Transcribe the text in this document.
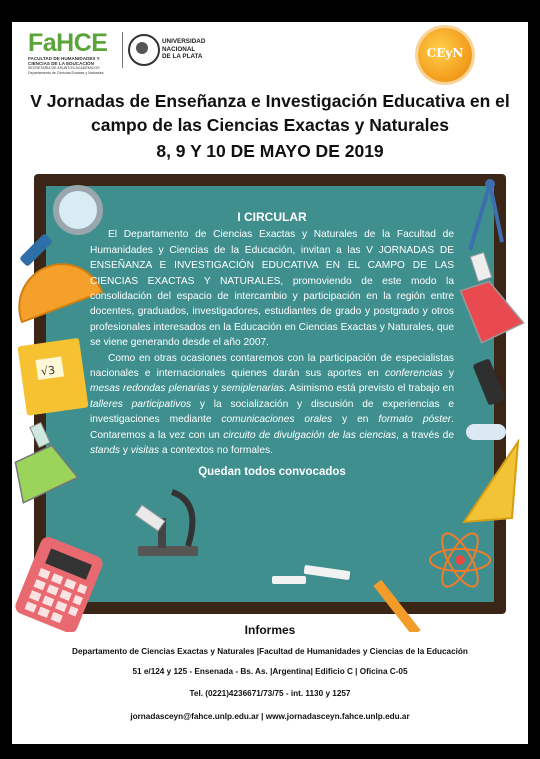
FaHCE
FACULTAD DE HUMANIDADES Y
CIENCIAS DE LA EDUCACIÓN
SECRETARÍA DE ASUNTOS ACADÉMICOS
Departamento de Ciencias Exactas y Naturales
UNIVERSIDAD
NACIONAL
DE LA PLATA	CEyN
V Jornadas de Enseñanza e Investigación Educativa en el
campo de las Ciencias Exactas y Naturales
8, 9 Y 10 DE MAYO DE 2019
√3
I CIRCULAR

El Departamento de Ciencias Exactas y Naturales de la Facultad de Humanidades y Ciencias de la Educación, invitan a las V JORNADAS DE ENSEÑANZA E INVESTIGACIÓN EDUCATIVA EN EL CAMPO DE LAS CIENCIAS EXACTAS Y NATURALES, promoviendo de este modo la consolidación del espacio de intercambio y participación en la región entre docentes, graduados, investigadores, estudiantes de grado y postgrado y otros profesionales interesados en la Educación en Ciencias Exactas y Naturales, que se viene generando desde el año 2007.

Como en otras ocasiones contaremos con la participación de especialistas nacionales e internacionales quienes darán sus aportes en conferencias y mesas redondas plenarias y semiplenarias. Asimismo está previsto el trabajo en talleres participativos y la socialización y discusión de experiencias e investigaciones mediante comunicaciones orales y en formato póster. Contaremos a la vez con un circuito de divulgación de las ciencias, a través de stands y visitas a contextos no formales.

Quedan todos convocados
Informes
Departamento de Ciencias Exactas y Naturales |Facultad de Humanidades y Ciencias de la Educación
51 e/124 y 125 - Ensenada - Bs. As. |Argentina| Edificio C | Oficina C-05
Tel. (0221)4236671/73/75 - int. 1130 y 1257
jornadasceyn@fahce.unlp.edu.ar | www.jornadasceyn.fahce.unlp.edu.ar
